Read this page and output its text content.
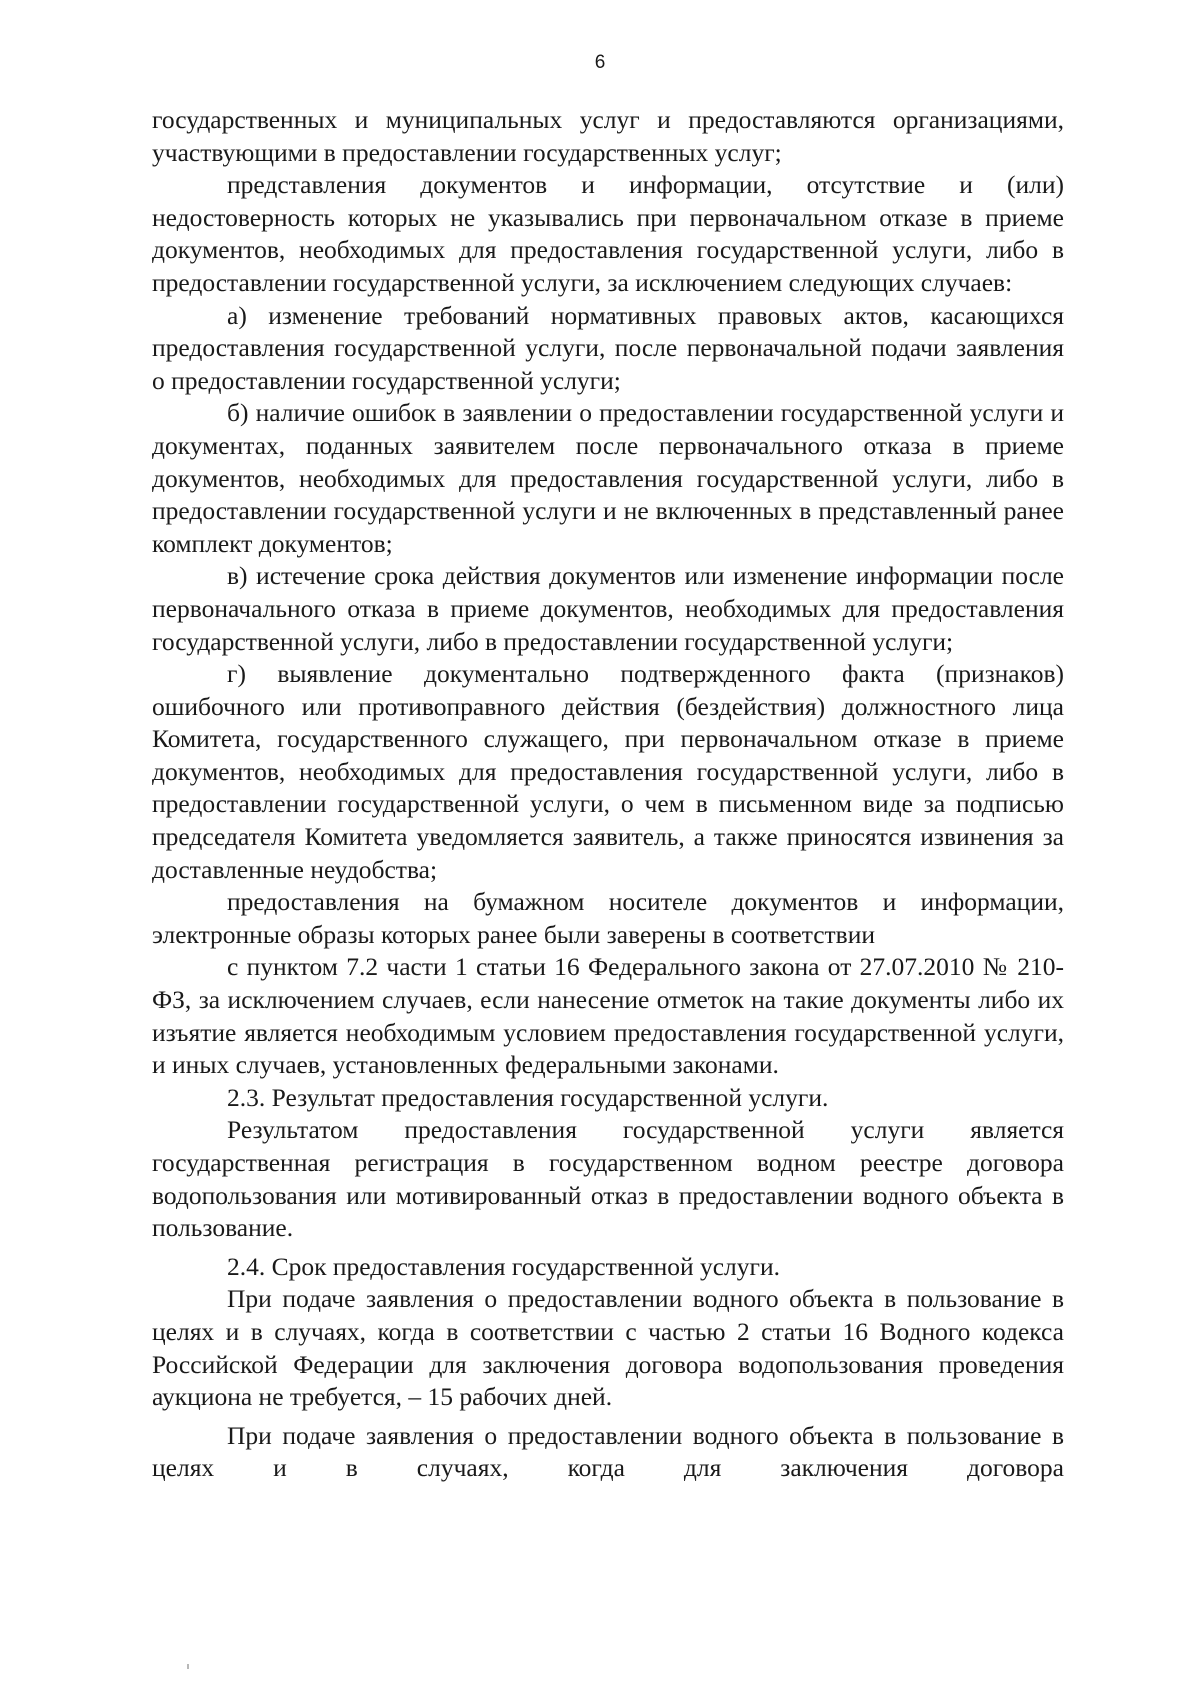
6

государственных и муниципальных услуг и предоставляются организациями, участвующими в предоставлении государственных услуг;

представления документов и информации, отсутствие и (или) недостоверность которых не указывались при первоначальном отказе в приеме документов, необходимых для предоставления государственной услуги, либо в предоставлении государственной услуги, за исключением следующих случаев:

а) изменение требований нормативных правовых актов, касающихся предоставления государственной услуги, после первоначальной подачи заявления о предоставлении государственной услуги;

б) наличие ошибок в заявлении о предоставлении государственной услуги и документах, поданных заявителем после первоначального отказа в приеме документов, необходимых для предоставления государственной услуги, либо в предоставлении государственной услуги и не включенных в представленный ранее комплект документов;

в) истечение срока действия документов или изменение информации после первоначального отказа в приеме документов, необходимых для предоставления государственной услуги, либо в предоставлении государственной услуги;

г) выявление документально подтвержденного факта (признаков) ошибочного или противоправного действия (бездействия) должностного лица Комитета, государственного служащего, при первоначальном отказе в приеме документов, необходимых для предоставления государственной услуги, либо в предоставлении государственной услуги, о чем в письменном виде за подписью председателя Комитета уведомляется заявитель, а также приносятся извинения за доставленные неудобства;

предоставления на бумажном носителе документов и информации, электронные образы которых ранее были заверены в соответствии

с пунктом 7.2 части 1 статьи 16 Федерального закона от 27.07.2010 № 210-ФЗ, за исключением случаев, если нанесение отметок на такие документы либо их изъятие является необходимым условием предоставления государственной услуги, и иных случаев, установленных федеральными законами.

2.3. Результат предоставления государственной услуги.

Результатом предоставления государственной услуги является государственная регистрация в государственном водном реестре договора водопользования или мотивированный отказ в предоставлении водного объекта в пользование.

2.4. Срок предоставления государственной услуги.

При подаче заявления о предоставлении водного объекта в пользование в целях и в случаях, когда в соответствии с частью 2 статьи 16 Водного кодекса Российской Федерации для заключения договора водопользования проведения аукциона не требуется, – 15 рабочих дней.

При подаче заявления о предоставлении водного объекта в пользование в целях и в случаях, когда для заключения договора
